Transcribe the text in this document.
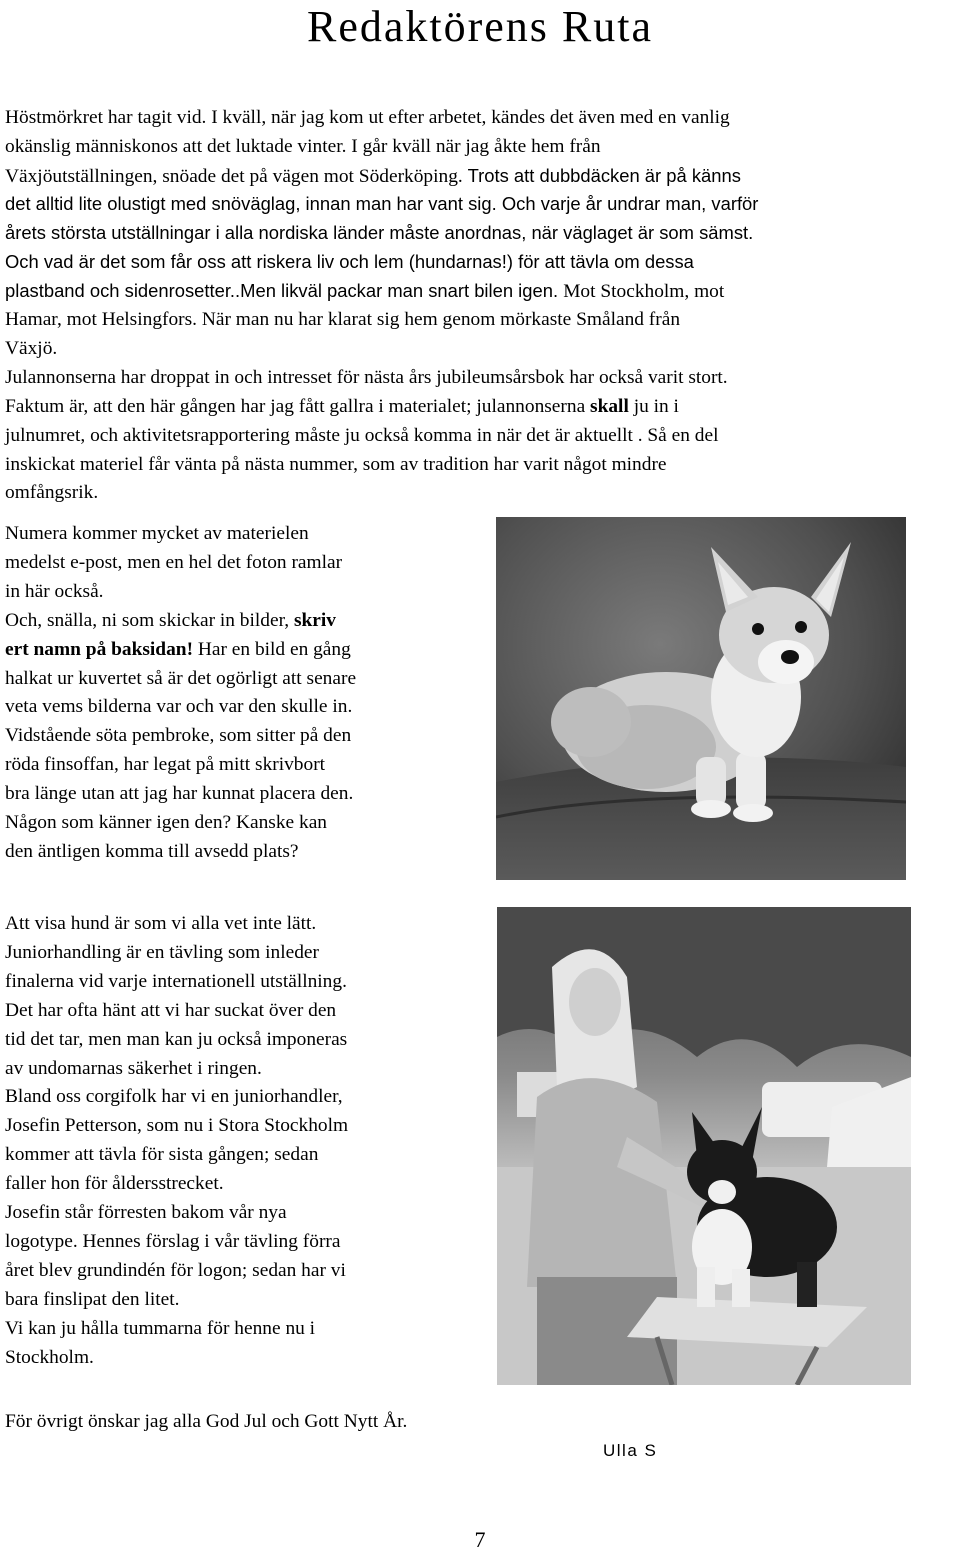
Redaktörens Ruta
Höstmörkret har tagit vid. I kväll, när jag kom ut efter arbetet, kändes det även med en vanlig
okänslig människonos att det luktade vinter. I går kväll när jag åkte hem från
Växjöutställningen, snöade det på vägen mot Söderköping. Trots att dubbdäcken är på känns
det alltid lite olustigt med snöväglag, innan man har vant sig. Och varje år undrar man, varför
årets största utställningar i alla nordiska länder måste anordnas, när väglaget är som sämst.
Och vad är det som får oss att riskera liv och lem (hundarnas!) för att tävla om dessa
plastband och sidenrosetter..Men likväl packar man snart bilen igen. Mot Stockholm, mot
Hamar, mot Helsingfors. När man nu har klarat sig hem genom mörkaste Småland från
Växjö.
Julannonserna har droppat in och intresset för nästa års jubileumsårsbok har också varit stort.
Faktum är, att den här gången har jag fått gallra i materialet; julannonserna skall ju in i
julnumret, och aktivitetsrapportering måste ju också komma in när det är aktuellt . Så en del
inskickat materiel får vänta på nästa nummer, som av tradition har varit något mindre
omfångsrik.
Numera kommer mycket av materielen
medelst e-post, men en hel det foton ramlar
in här också.
Och, snälla, ni som skickar in bilder, skriv
ert namn på baksidan! Har en bild en gång
halkat ur kuvertet så är det ogörligt att senare
veta vems bilderna var och var den skulle in.
Vidstående söta pembroke, som sitter på den
röda finsoffan, har legat på mitt skrivbort
bra länge utan att jag har kunnat placera den.
Någon som känner igen den? Kanske kan
den äntligen komma till avsedd plats?
Att visa hund är som vi alla vet inte lätt.
Juniorhandling är en tävling som inleder
finalerna vid varje internationell utställning.
Det har ofta hänt att vi har suckat över den
tid det tar, men man kan ju också imponeras
av undomarnas säkerhet i ringen.
Bland oss corgifolk har vi en juniorhandler,
Josefin Petterson, som nu i Stora Stockholm
kommer att tävla för sista gången; sedan
faller hon för åldersstrecket.
Josefin står förresten bakom vår nya
logotype. Hennes förslag i vår tävling förra
året blev grundindén för logon; sedan har vi
bara finslipat den litet.
Vi kan ju hålla tummarna för henne nu i
Stockholm.
För övrigt önskar jag alla God Jul och Gott Nytt År.
Ulla S
7
